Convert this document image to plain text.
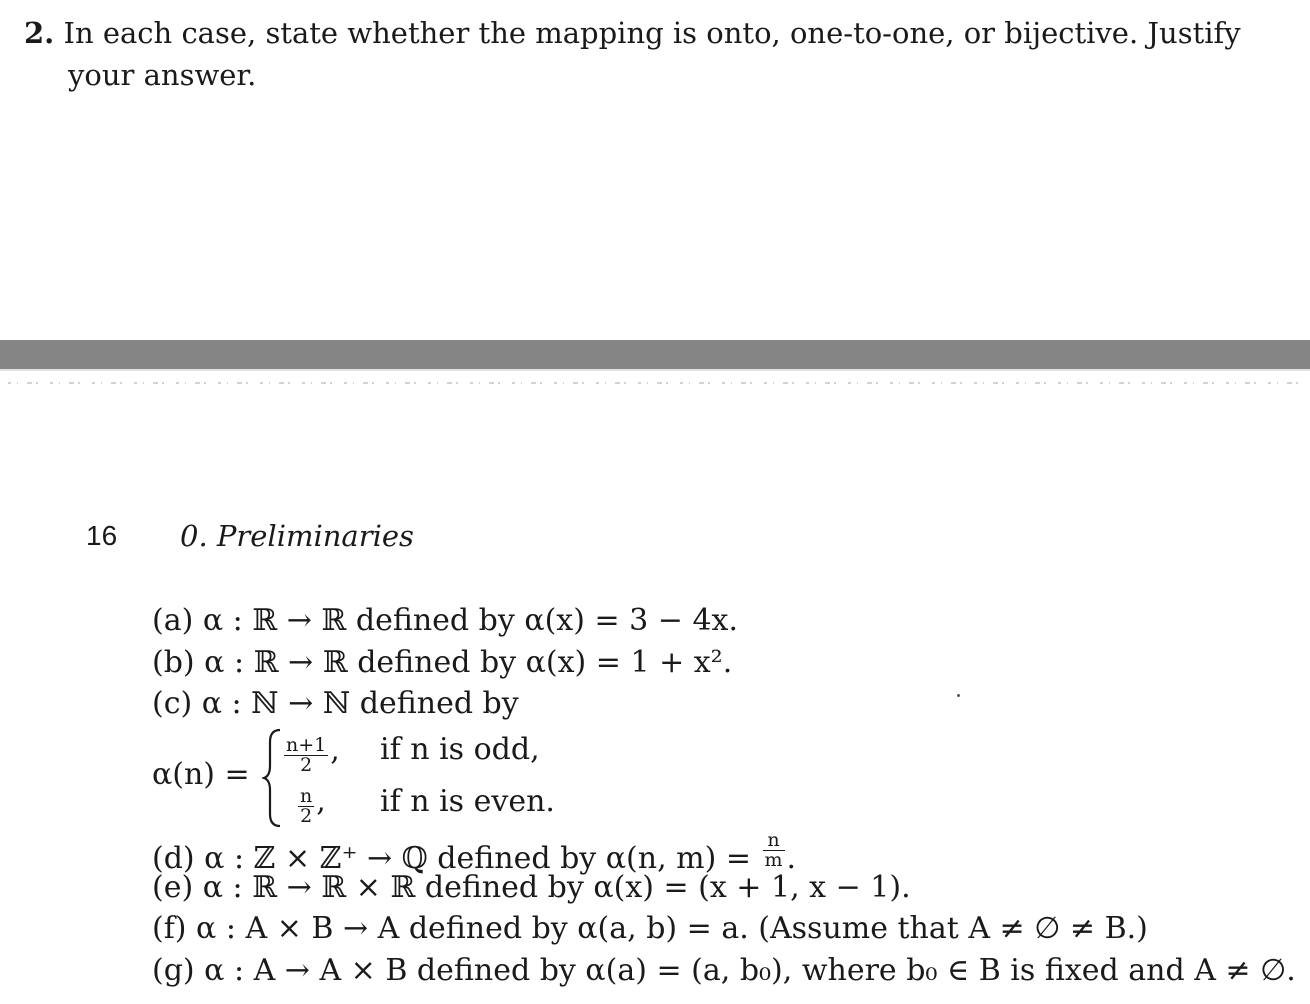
2. In each case, state whether the mapping is onto, one-to-one, or bijective. Justify
your answer.
16 0. Preliminaries
(a) α : ℝ → ℝ defined by α(x) = 3 − 4x.
(b) α : ℝ → ℝ defined by α(x) = 1 + x².
(c) α : ℕ → ℕ defined by
$\alpha(n) = \frac{n+1}{2}$ , if n is odd,
$\frac{n}{2}$ , if n is even.
(d) α : ℤ × ℤ⁺ → ℚ defined by α(n, $m) = \frac{n}{m}$ .
(e) α : ℝ → ℝ × ℝ defined by α(x) = (x + 1, x − 1).
(f) α : A × B → A defined by α(a, b) = a. (Assume that A ≠ ∅ ≠ B.)
(g) α : A → A × B defined by α(a) = (a, b₀), where b₀ ∈ B is fixed and A ≠ ∅.
